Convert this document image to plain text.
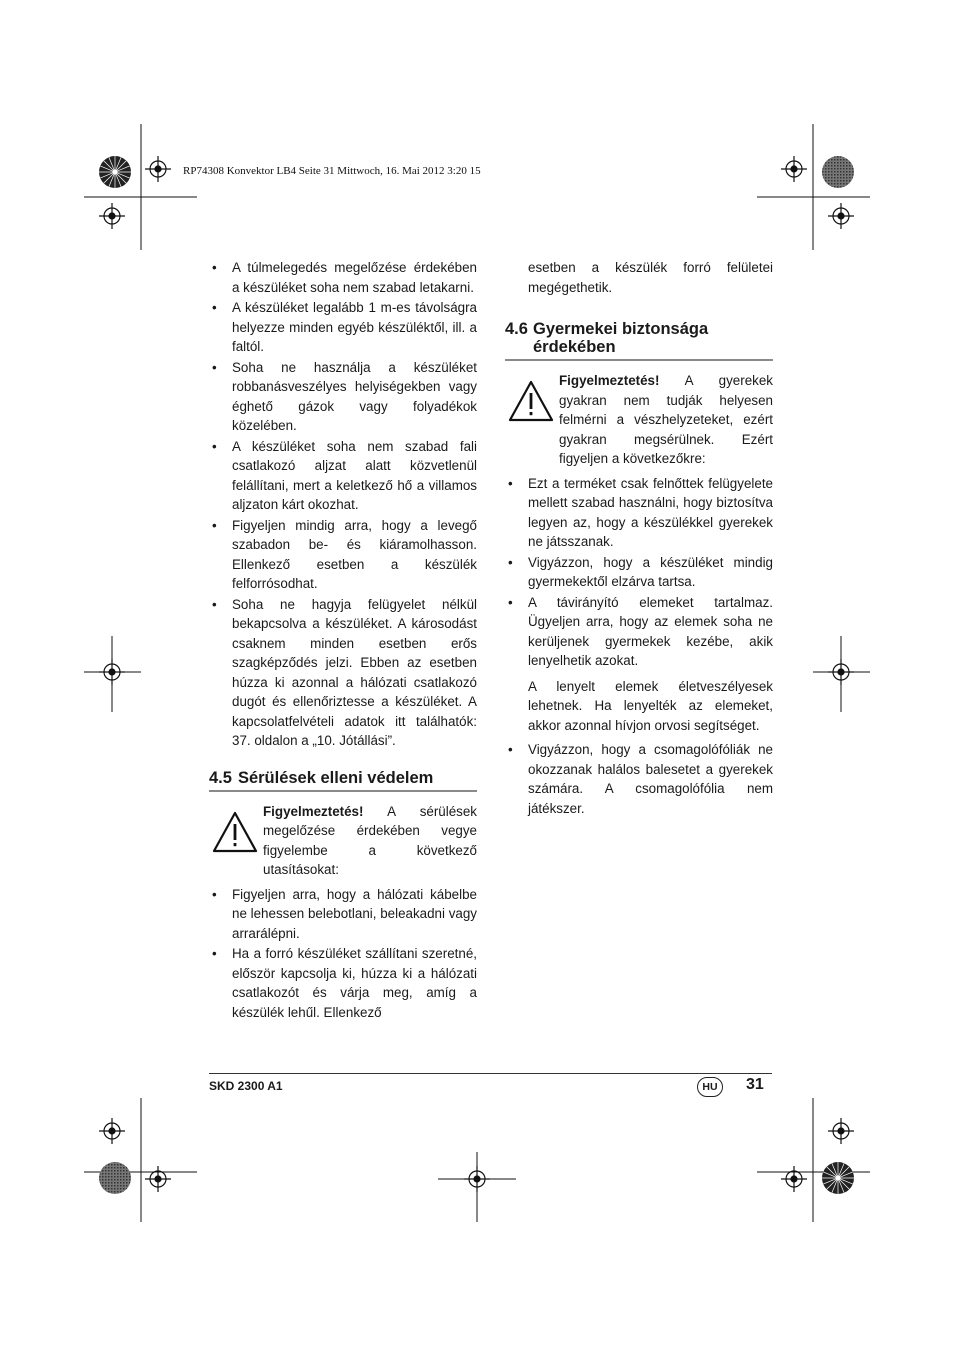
RP74308 Konvektor LB4 Seite 31 Mittwoch, 16. Mai 2012 3:20 15
• A túlmelegedés megelőzése érdekében a készüléket soha nem szabad letakarni.
• A készüléket legalább 1 m-es távolságra helyezze minden egyéb készüléktől, ill. a faltól.
• Soha ne használja a készüléket robbanásveszélyes helyiségekben vagy éghető gázok vagy folyadékok közelében.
• A készüléket soha nem szabad fali csatlakozó aljzat alatt közvetlenül felállítani, mert a keletkező hő a villamos aljzaton kárt okozhat.
• Figyeljen mindig arra, hogy a levegő szabadon be- és kiáramolhasson. Ellenkező esetben a készülék felforrósodhat.
• Soha ne hagyja felügyelet nélkül bekapcsolva a készüléket. A károsodást csaknem minden esetben erős szagképződés jelzi. Ebben az esetben húzza ki azonnal a hálózati csatlakozó dugót és ellenőriztesse a készüléket. A kapcsolatfelvételi adatok itt találhatók: 37. oldalon a „10. Jótállási”.
4.5 Sérülések elleni védelem

Figyelmeztetés! A sérülések megelőzése érdekében vegye figyelembe a következő utasításokat:

• Figyeljen arra, hogy a hálózati kábelbe ne lehessen belebotlani, beleakadni vagy arrarálépni.
• Ha a forró készüléket szállítani szeretné, először kapcsolja ki, húzza ki a hálózati csatlakozót és várja meg, amíg a készülék lehűl. Ellenkező

esetben a készülék forró felületei megégethetik.

4.6 Gyermekei biztonsága érdekében

Figyelmeztetés! A gyerekek gyakran nem tudják helyesen felmérni a vészhelyzeteket, ezért gyakran megsérülnek. Ezért figyeljen a következőkre:

• Ezt a terméket csak felnőttek felügyelete mellett szabad használni, hogy biztosítva legyen az, hogy a készülékkel gyerekek ne játsszanak.
• Vigyázzon, hogy a készüléket mindig gyermekektől elzárva tartsa.

• A távirányító elemeket tartalmaz. Ügyeljen arra, hogy az elemek soha ne kerüljenek gyermekek kezébe, akik lenyelhetik azokat.

A lenyelt elemek életveszélyesek lehetnek. Ha lenyelték az elemeket, akkor azonnal hívjon orvosi segítséget.

• Vigyázzon, hogy a csomagolófóliák ne okozzanak halálos balesetet a gyerekek számára. A csomagolófólia nem játékszer.
SKD 2300 A1	HU	31
